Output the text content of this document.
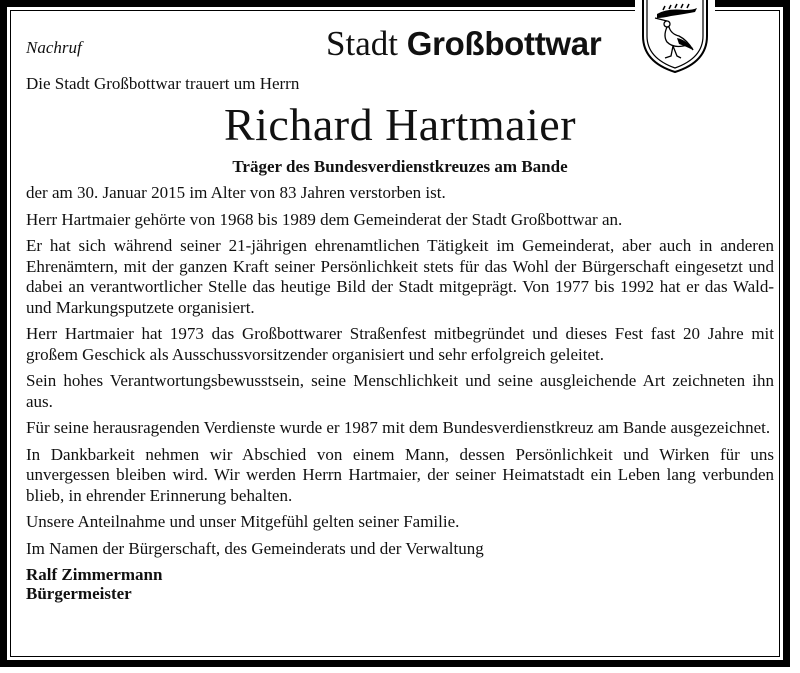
Nachruf	Stadt Großbottwar
Die Stadt Großbottwar trauert um Herrn
Richard Hartmaier
Träger des Bundesverdienstkreuzes am Bande

der am 30. Januar 2015 im Alter von 83 Jahren verstorben ist.

Herr Hartmaier gehörte von 1968 bis 1989 dem Gemeinderat der Stadt Großbottwar an.

Er hat sich während seiner 21-jährigen ehrenamtlichen Tätigkeit im Gemeinderat, aber auch in anderen Ehrenämtern, mit der ganzen Kraft seiner Persönlichkeit stets für das Wohl der Bürgerschaft eingesetzt und dabei an verantwortlicher Stelle das heutige Bild der Stadt mitgeprägt. Von 1977 bis 1992 hat er das Wald- und Markungsputzete organisiert.

Herr Hartmaier hat 1973 das Großbottwarer Straßenfest mitbegründet und dieses Fest fast 20 Jahre mit großem Geschick als Ausschussvorsitzender organisiert und sehr erfolgreich geleitet.

Sein hohes Verantwortungsbewusstsein, seine Menschlichkeit und seine ausgleichende Art zeichneten ihn aus.

Für seine herausragenden Verdienste wurde er 1987 mit dem Bundesverdienstkreuz am Bande ausgezeichnet.

In Dankbarkeit nehmen wir Abschied von einem Mann, dessen Persönlichkeit und Wirken für uns unvergessen bleiben wird. Wir werden Herrn Hartmaier, der seiner Heimatstadt ein Leben lang verbunden blieb, in ehrender Erinnerung behalten.

Unsere Anteilnahme und unser Mitgefühl gelten seiner Familie.

Im Namen der Bürgerschaft, des Gemeinderats und der Verwaltung

Ralf Zimmermann
Bürgermeister
